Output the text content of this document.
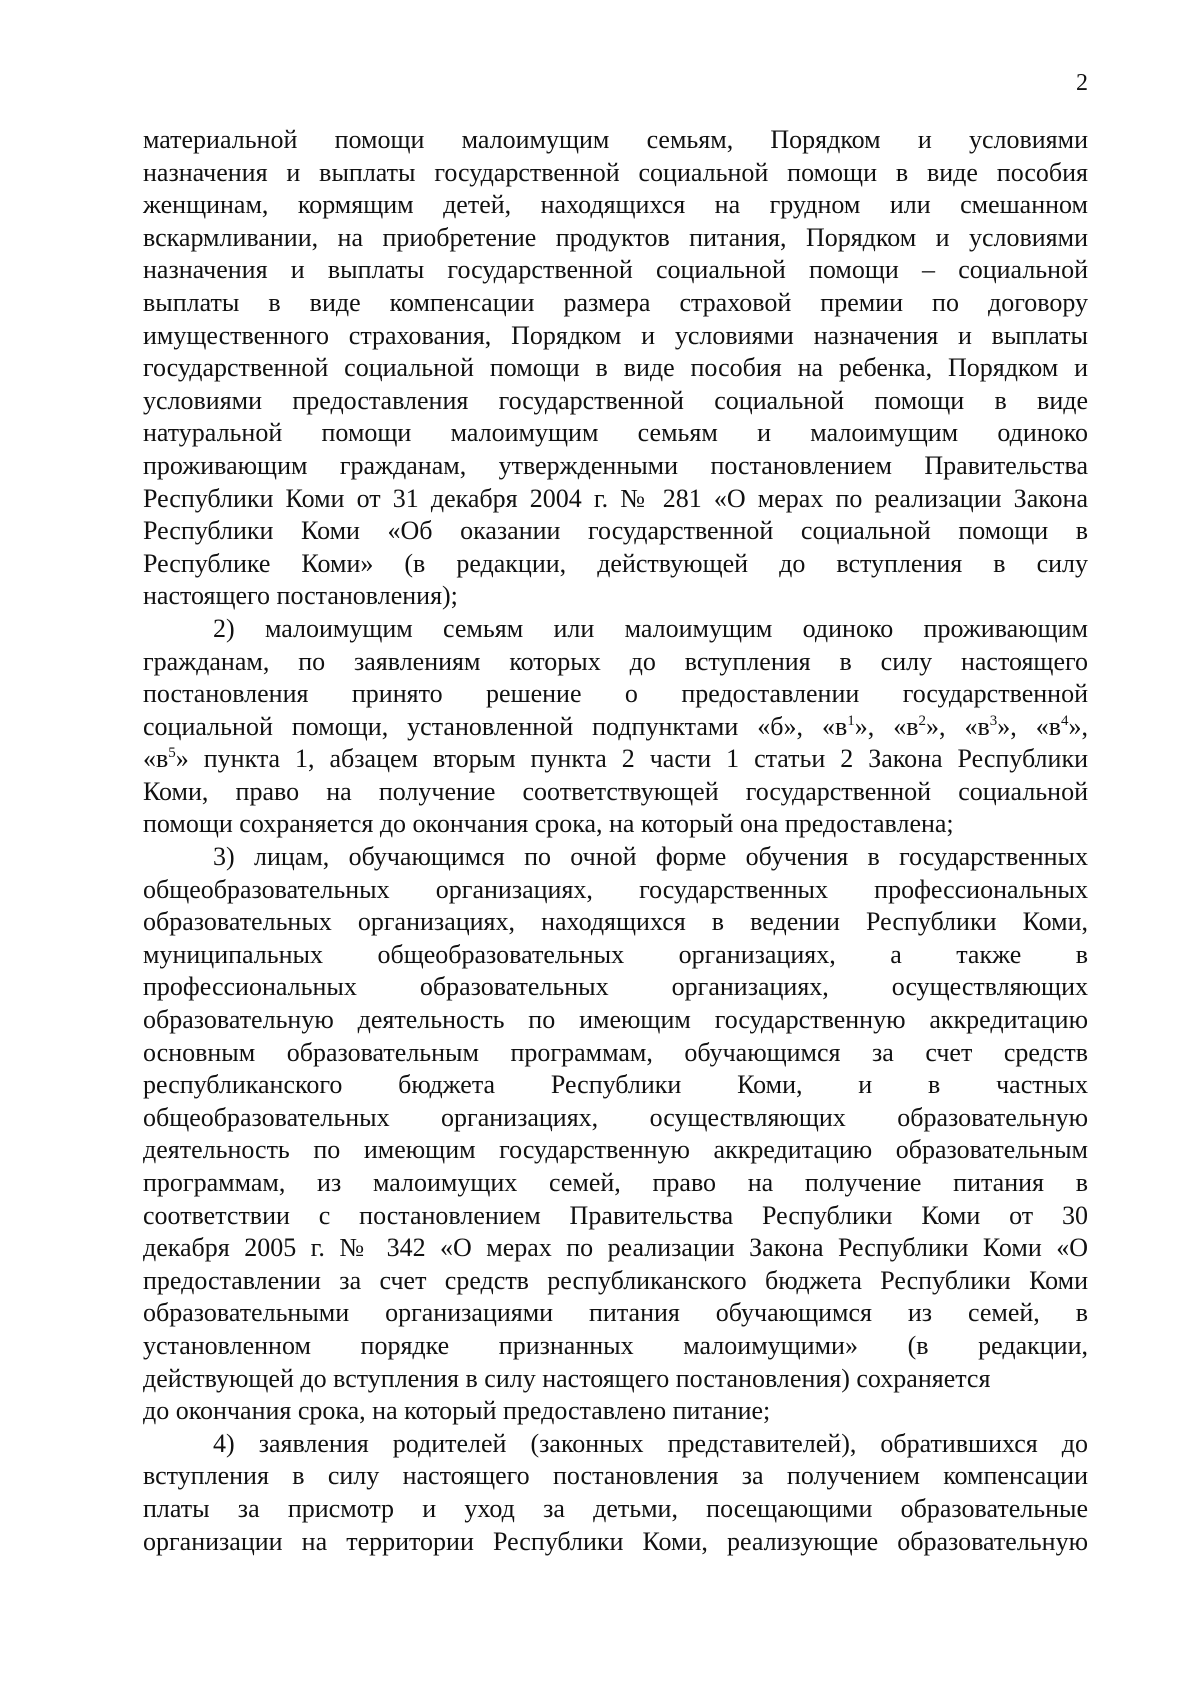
2
материальной помощи малоимущим семьям, Порядком и условиями
назначения и выплаты государственной социальной помощи в виде пособия
женщинам, кормящим детей, находящихся на грудном или смешанном
вскармливании, на приобретение продуктов питания, Порядком и условиями
назначения и выплаты государственной социальной помощи – социальной
выплаты в виде компенсации размера страховой премии по договору
имущественного страхования, Порядком и условиями назначения и выплаты
государственной социальной помощи в виде пособия на ребенка, Порядком и
условиями предоставления государственной социальной помощи в виде
натуральной помощи малоимущим семьям и малоимущим одиноко
проживающим гражданам, утвержденными постановлением Правительства
Республики Коми от 31 декабря 2004 г. № 281 «О мерах по реализации Закона
Республики Коми «Об оказании государственной социальной помощи в
Республике Коми» (в редакции, действующей до вступления в силу
настоящего постановления);
2) малоимущим семьям или малоимущим одиноко проживающим
гражданам, по заявлениям которых до вступления в силу настоящего
постановления принято решение о предоставлении государственной
социальной помощи, установленной подпунктами «б», «$в^1$», «$в^2$», «$в^3$», «$в^4$»,
«$в^5$» пункта 1, абзацем вторым пункта 2 части 1 статьи 2 Закона Республики
Коми, право на получение соответствующей государственной социальной
помощи сохраняется до окончания срока, на который она предоставлена;
3) лицам, обучающимся по очной форме обучения в государственных
общеобразовательных организациях, государственных профессиональных
образовательных организациях, находящихся в ведении Республики Коми,
муниципальных общеобразовательных организациях, а также в
профессиональных образовательных организациях, осуществляющих
образовательную деятельность по имеющим государственную аккредитацию
основным образовательным программам, обучающимся за счет средств
республиканского бюджета Республики Коми, и в частных
общеобразовательных организациях, осуществляющих образовательную
деятельность по имеющим государственную аккредитацию образовательным
программам, из малоимущих семей, право на получение питания в
соответствии с постановлением Правительства Республики Коми от 30
декабря 2005 г. № 342 «О мерах по реализации Закона Республики Коми «О
предоставлении за счет средств республиканского бюджета Республики Коми
образовательными организациями питания обучающимся из семей, в
установленном порядке признанных малоимущими» (в редакции,
действующей до вступления в силу настоящего постановления) сохраняется
до окончания срока, на который предоставлено питание;
4) заявления родителей (законных представителей), обратившихся до
вступления в силу настоящего постановления за получением компенсации
платы за присмотр и уход за детьми, посещающими образовательные
организации на территории Республики Коми, реализующие образовательную
